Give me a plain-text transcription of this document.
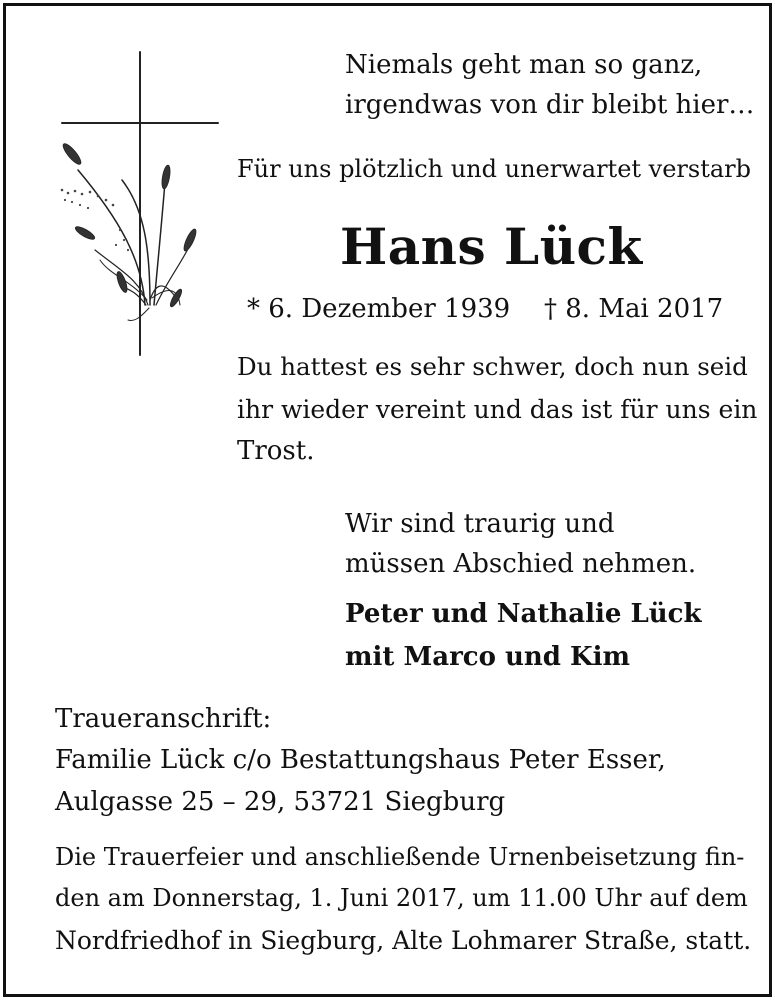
Niemals geht man so ganz,
irgendwas von dir bleibt hier…
Für uns plötzlich und unerwartet verstarb
Hans Lück
* 6. Dezember 1939 † 8. Mai 2017
Du hattest es sehr schwer, doch nun seid
ihr wieder vereint und das ist für uns ein
Trost.
Wir sind traurig und
müssen Abschied nehmen.
Peter und Nathalie Lück
mit Marco und Kim
Traueranschrift:
Familie Lück c/o Bestattungshaus Peter Esser,
Aulgasse 25 – 29, 53721 Siegburg
Die Trauerfeier und anschließende Urnenbeisetzung fin-
den am Donnerstag, 1. Juni 2017, um 11.00 Uhr auf dem
Nordfriedhof in Siegburg, Alte Lohmarer Straße, statt.
